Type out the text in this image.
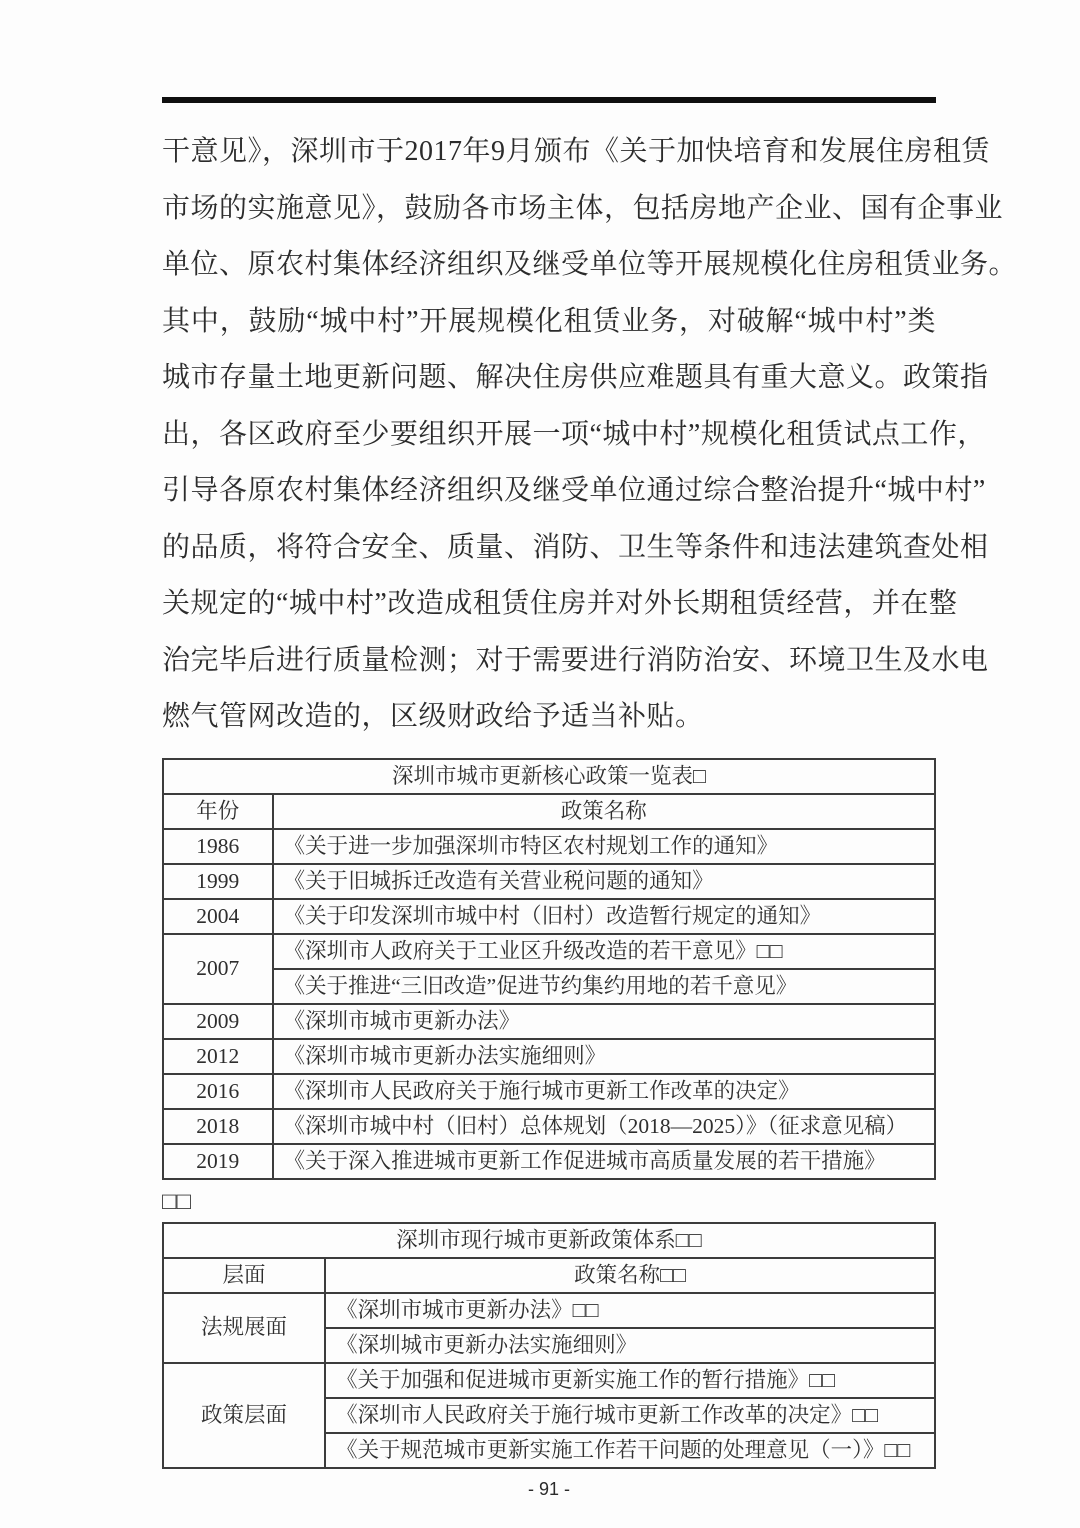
干意见》，深圳市于2017年9月颁布《关于加快培育和发展住房租赁
市场的实施意见》，鼓励各市场主体，包括房地产企业、国有企事业
单位、原农村集体经济组织及继受单位等开展规模化住房租赁业务。
其中，鼓励“城中村”开展规模化租赁业务，对破解“城中村”类
城市存量土地更新问题、解决住房供应难题具有重大意义。政策指
出，各区政府至少要组织开展一项“城中村”规模化租赁试点工作，
引导各原农村集体经济组织及继受单位通过综合整治提升“城中村”
的品质，将符合安全、质量、消防、卫生等条件和违法建筑查处相
关规定的“城中村”改造成租赁住房并对外长期租赁经营，并在整
治完毕后进行质量检测；对于需要进行消防治安、环境卫生及水电
燃气管网改造的，区级财政给予适当补贴。
深圳市城市更新核心政策一览表□	
年份	政策名称
1986	《关于进一步加强深圳市特区农村规划工作的通知》
1999	《关于旧城拆迁改造有关营业税问题的通知》
2004	《关于印发深圳市城中村（旧村）改造暂行规定的通知》
2007	《深圳市人政府关于工业区升级改造的若干意见》□□
	《关于推进“三旧改造”促进节约集约用地的若千意见》
2009	《深圳市城市更新办法》
2012	《深圳市城市更新办法实施细则》
2016	《深圳市人民政府关于施行城市更新工作改革的决定》
2018	《深圳市城中村（旧村）总体规划（2018—2025）》（征求意见稿）
2019	《关于深入推进城市更新工作促进城市高质量发展的若干措施》
□□
深圳市现行城市更新政策体系□□	
层面	政策名称□□
法规展面	《深圳市城市更新办法》□□
	《深圳城市更新办法实施细则》
政策层面	《关于加强和促进城市更新实施工作的暂行措施》□□
	《深圳市人民政府关于施行城市更新工作改革的决定》□□
	《关于规范城市更新实施工作若干问题的处理意见（一）》□□
- 91 -
